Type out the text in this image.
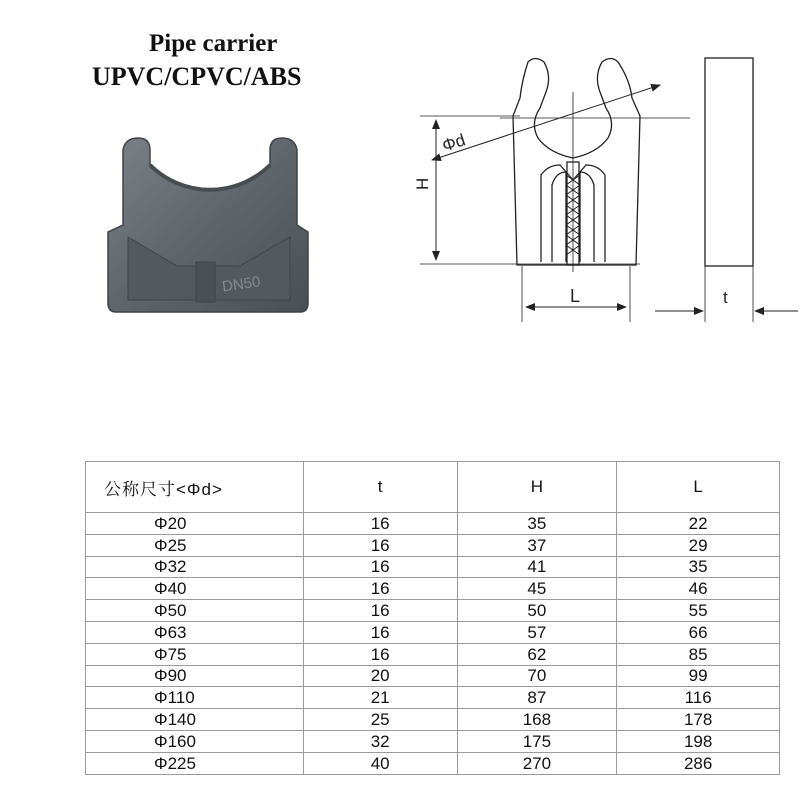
Pipe carrier
UPVC/CPVC/ABS
DN50
Φd
H
L	t
公称尺寸<Φd>	t	H	L
Φ20	16	35	22
Φ25	16	37	29
Φ32	16	41	35
Φ40	16	45	46
Φ50	16	50	55
Φ63	16	57	66
Φ75	16	62	85
Φ90	20	70	99
Φ110	21	87	116
Φ140	25	168	178
Φ160	32	175	198
Φ225	40	270	286
